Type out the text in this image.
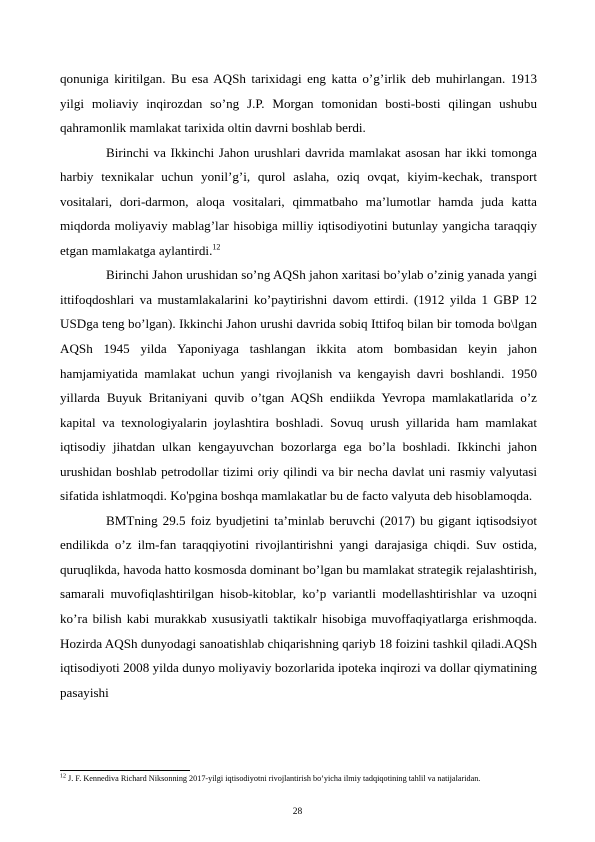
qonuniga kiritilgan. Bu esa AQSh tarixidagi eng katta o’g’irlik deb muhirlangan. 1913 yilgi moliaviy inqirozdan so’ng J.P. Morgan tomonidan bosti-bosti qilingan ushubu qahramonlik mamlakat tarixida oltin davrni boshlab berdi.

Birinchi va Ikkinchi Jahon urushlari davrida mamlakat asosan har ikki tomonga harbiy texnikalar uchun yonil’g’i, qurol aslaha, oziq ovqat, kiyim-kechak, transport vositalari, dori-darmon, aloqa vositalari, qimmatbaho ma’lumotlar hamda juda katta miqdorda moliyaviy mablag’lar hisobiga milliy iqtisodiyotini butunlay yangicha taraqqiy etgan mamlakatga aylantirdi.$^{12}$

Birinchi Jahon urushidan so’ng AQSh jahon xaritasi bo’ylab o’zinig yanada yangi ittifoqdoshlari va mustamlakalarini ko’paytirishni davom ettirdi. (1912 yilda 1 GBP 12 USDga teng bo’lgan). Ikkinchi Jahon urushi davrida sobiq Ittifoq bilan bir tomoda bo\lgan AQSh 1945 yilda Yaponiyaga tashlangan ikkita atom bombasidan keyin jahon hamjamiyatida mamlakat uchun yangi rivojlanish va kengayish davri boshlandi. 1950 yillarda Buyuk Britaniyani quvib o’tgan AQSh endiikda Yevropa mamlakatlarida o’z kapital va texnologiyalarin joylashtira boshladi. Sovuq urush yillarida ham mamlakat iqtisodiy jihatdan ulkan kengayuvchan bozorlarga ega bo’la boshladi. Ikkinchi jahon urushidan boshlab petrodollar tizimi oriy qilindi va bir necha davlat uni rasmiy valyutasi sifatida ishlatmoqdi. Ko'pgina boshqa mamlakatlar bu de facto valyuta deb hisoblamoqda.

BMTning 29.5 foiz byudjetini ta’minlab beruvchi (2017) bu gigant iqtisodsiyot endilikda o’z ilm-fan taraqqiyotini rivojlantirishni yangi darajasiga chiqdi. Suv ostida, quruqlikda, havoda hatto kosmosda dominant bo’lgan bu mamlakat strategik rejalashtirish, samarali muvofiqlashtirilgan hisob-kitoblar, ko’p variantli modellashtirishlar va uzoqni ko’ra bilish kabi murakkab xususiyatli taktikalr hisobiga muvoffaqiyatlarga erishmoqda. Hozirda AQSh dunyodagi sanoatishlab chiqarishning qariyb 18 foizini tashkil qiladi.AQSh iqtisodiyoti 2008 yilda dunyo moliyaviy bozorlarida ipoteka inqirozi va dollar qiymatining pasayishi

$^{12}$ J. F. Kennediva Richard Niksonning 2017-yilgi iqtisodiyotni rivojlantirish bo’yicha ilmiy tadqiqotining tahlil va natijalaridan.

28
